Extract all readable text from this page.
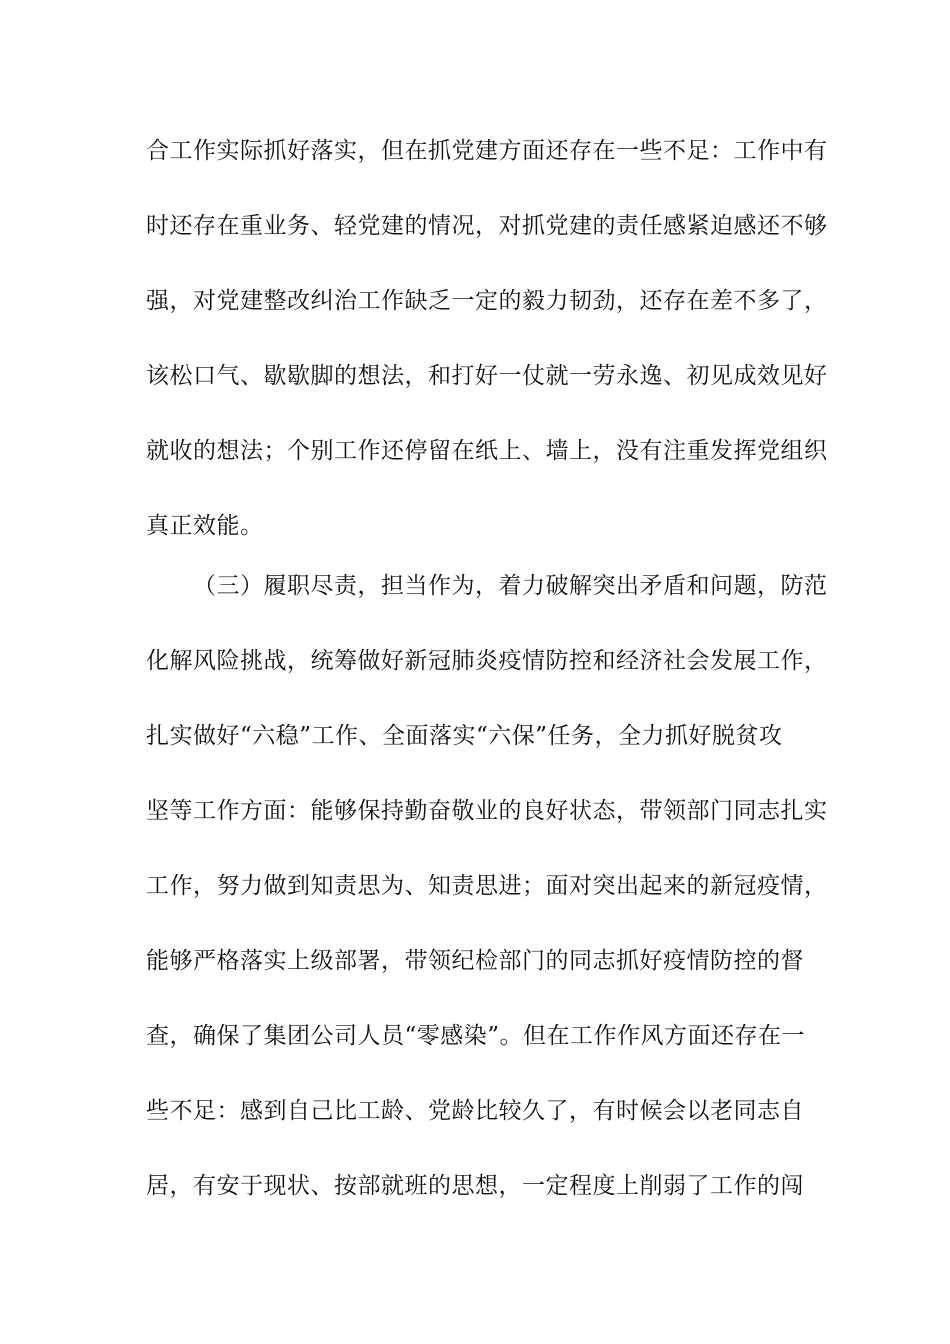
合工作实际抓好落实，但在抓党建方面还存在一些不足：工作中有
时还存在重业务、轻党建的情况，对抓党建的责任感紧迫感还不够
强，对党建整改纠治工作缺乏一定的毅力韧劲，还存在差不多了，
该松口气、歇歇脚的想法，和打好一仗就一劳永逸、初见成效见好
就收的想法；个别工作还停留在纸上、墙上，没有注重发挥党组织
真正效能。
（三）履职尽责，担当作为，着力破解突出矛盾和问题，防范
化解风险挑战，统筹做好新冠肺炎疫情防控和经济社会发展工作，
扎实做好“六稳”工作、全面落实“六保”任务，全力抓好脱贫攻
坚等工作方面：能够保持勤奋敬业的良好状态，带领部门同志扎实
工作，努力做到知责思为、知责思进；面对突出起来的新冠疫情，
能够严格落实上级部署，带领纪检部门的同志抓好疫情防控的督
查，确保了集团公司人员“零感染”。但在工作作风方面还存在一
些不足：感到自己比工龄、党龄比较久了，有时候会以老同志自
居，有安于现状、按部就班的思想，一定程度上削弱了工作的闯
